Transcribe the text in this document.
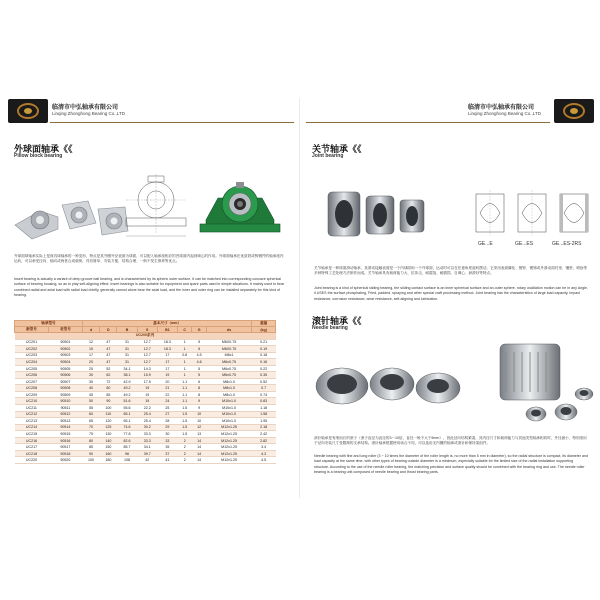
临清市中弘轴承有限公司
Linqing Zhonghong Bearing Co.,LTD
外球面轴承《《
Pillow block bearing
外球面球轴承实际上是深沟球轴承的一种变形，特点是其外圈外径表面为球面，可以配入轴承座相应的凹球面内起到调心的作用。外球面轴承在优质铁或铸钢件的轴承座内运转，可以承受径向、轴向或两者合成载荷，具有简单、安装方便，结构合理、一般不发生保养等优点。
Insert bearing is actually a variant of deep groove ball bearing, and is characterized by its spheric outer surface. It can be matched into corresponding concave spherical surface of bearing housing, so as to play self-aligning effect. Insert bearings is also suitable for equipment and spare parts used in simple situations. It mainly used to bear combined radial and axial load with radial load chiefly, generally cannot alone bear the axial load, and the inner and outer ring can be installed separately for this kind of bearing.
轴承型号		基本尺寸（mm）								重量
新型号	老型号	d	D	B	S	B1	C	G	ds	(kg)
UC200系列										
UC201	90501	12	47	31	12.7	18.3	1	5	M6X0.75	0.21
UC202	90502	15	47	31	12.7	18.3	1	5	M6X0.75	0.19
UC203	90503	17	47	31	12.7	17	0.8	4.5	M6x1	0.18
UC204	90504	20	47	31	12.7	17	1	4.6	M6x0.75	0.16
UC205	90505	25	52	34.1	14.3	17	1	5	M6x0.75	0.22
UC206	90506	30	62	38.1	15.9	19	1	5	M6x0.75	0.35
UC207	90507	35	72	42.9	17.5	20	1.1	6	M8x1.0	0.52
UC208	90508	40	80	49.2	19	21	1.1	8	M8x1.0	0.7
UC209	90509	45	85	49.2	19	22	1.1	8	M8x1.0	0.74
UC210	90510	50	90	51.6	19	24	1.1	9	M10x1.0	0.83
UC211	90511	55	100	55.6	22.2	25	1.5	9	M10x1.0	1.18
UC212	90512	60	110	65.1	25.4	27	1.5	10	M10x1.0	1.58
UC213	90513	65	120	65.1	25.4	28	1.5	10	M10x1.0	1.95
UC214	90514	70	125	74.6	30.2	29	1.5	12	M12x1.25	2.18
UC215	90515	75	130	77.8	33.3	30	1.5	13	M12x1.25	2.42
UC216	90516	80	140	82.6	33.3	33	2	14	M12x1.25	2.82
UC217	90517	85	150	85.7	34.1	35	2	14	M12x1.25	3.4
UC218	90518	90	160	96	39.7	37	2	14	M12x1.25	4.3
UC220	90520	100	180	108	42	41	2	14	M12x1.25	4.5
临清市中弘轴承有限公司
Linqing Zhonghong Bearing Co.,LTD
关节轴承《《
Joint bearing
GE...E	GE...ES	GE...ES-2RS
关节轴承是一种球面滑动轴承，其滑动接触表面是一个内球面和一个外球面，运动时可以在任意角度旋转摆动，它采用表面磷化、镀锌、镀铬或外滑动面衬里、镶垫、喷涂等多种特殊工艺处理方法制作而成。关节轴承具有载荷能力大、抗冲击、耐腐蚀、耐磨损、自调心、润滑好等特点。
Joint bearing is a kind of spherical sliding bearing, the sliding contact surface is an inner spherical surface and an outer sphere, rotary oscillation motion can be in any Angle, it USES the surface phosphating, Fried, padded, spraying and other special craft processing method. Joint bearing has the characteristics of large load capacity, impact resistance, corrosion resistance, wear resistance, self-aligning and lubrication.
滚针轴承《《
Needle bearing
滚针轴承是有细而长的滚子（滚子直径为直径的3～10倍，直径一般不大于5mm），因此径向结构紧凑，其内径尺寸和载荷能力与其他类型轴承相同时，外径最小，特别适用于径向安装尺寸受限制的支承结构。滚针轴承根据使用场合不同，可以选用无内圈的轴承或滚针和保持架组件。
Needle bearing with fine and long roller (3 ~ 10 times the diameter of the roller length is, no more than 5 mm in diameter), so the radial structure is compact, its diameter and load capacity at the same time, with other types of bearing outside diameter is a minimum, especially suitable for the limited size of the radial installation supporting structure. According to the use of the needle roller bearing, the matching precision and surface quality should be combined with the bearing ring and use. The needle roller bearing is a bearing unit composed of needle bearing and thrust bearing parts.
